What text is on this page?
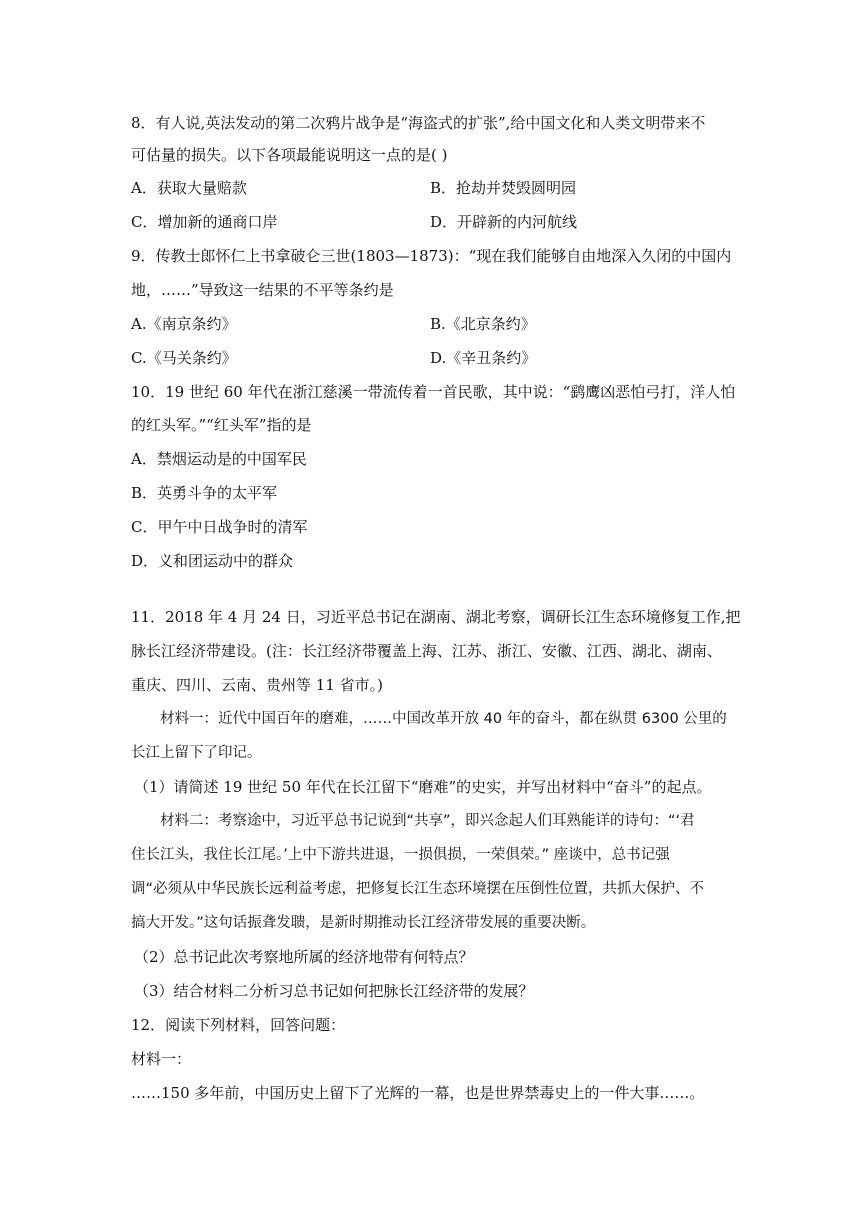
8．有人说,英法发动的第二次鸦片战争是“海盗式的扩张”,给中国文化和人类文明带来不
可估量的损失。以下各项最能说明这一点的是( )
A．获取大量赔款	B．抢劫并焚毁圆明园
C．增加新的通商口岸	D．开辟新的内河航线
9．传教士郎怀仁上书拿破仑三世(1803—1873)：“现在我们能够自由地深入久闭的中国内
地，……”导致这一结果的不平等条约是
A.《南京条约》	B.《北京条约》
C.《马关条约》	D.《辛丑条约》
10．19 世纪 60 年代在浙江慈溪一带流传着一首民歌，其中说：“鹞鹰凶恶怕弓打，洋人怕
的红头军。”“红头军”指的是
A．禁烟运动是的中国军民
B．英勇斗争的太平军
C．甲午中日战争时的清军
D．义和团运动中的群众
11．2018 年 4 月 24 日，习近平总书记在湖南、湖北考察，调研长江生态环境修复工作,把
脉长江经济带建设。(注：长江经济带覆盖上海、江苏、浙江、安徽、江西、湖北、湖南、
重庆、四川、云南、贵州等 11 省市。)
材料一：近代中国百年的磨难，……中国改革开放 40 年的奋斗，都在纵贯 6300 公里的
长江上留下了印记。
（1）请简述 19 世纪 50 年代在长江留下“磨难”的史实，并写出材料中“奋斗”的起点。
材料二：考察途中，习近平总书记说到“共享”，即兴念起人们耳熟能详的诗句：“‘君
住长江头，我住长江尾。’上中下游共进退，一损俱损，一荣俱荣。” 座谈中，总书记强
调“必须从中华民族长远利益考虑，把修复长江生态环境摆在压倒性位置，共抓大保护、不
搞大开发。”这句话振聋发聩，是新时期推动长江经济带发展的重要决断。
（2）总书记此次考察地所属的经济地带有何特点？
（3）结合材料二分析习总书记如何把脉长江经济带的发展？
12．阅读下列材料，回答问题：
材料一：
……150 多年前，中国历史上留下了光辉的一幕，也是世界禁毒史上的一件大事……。
